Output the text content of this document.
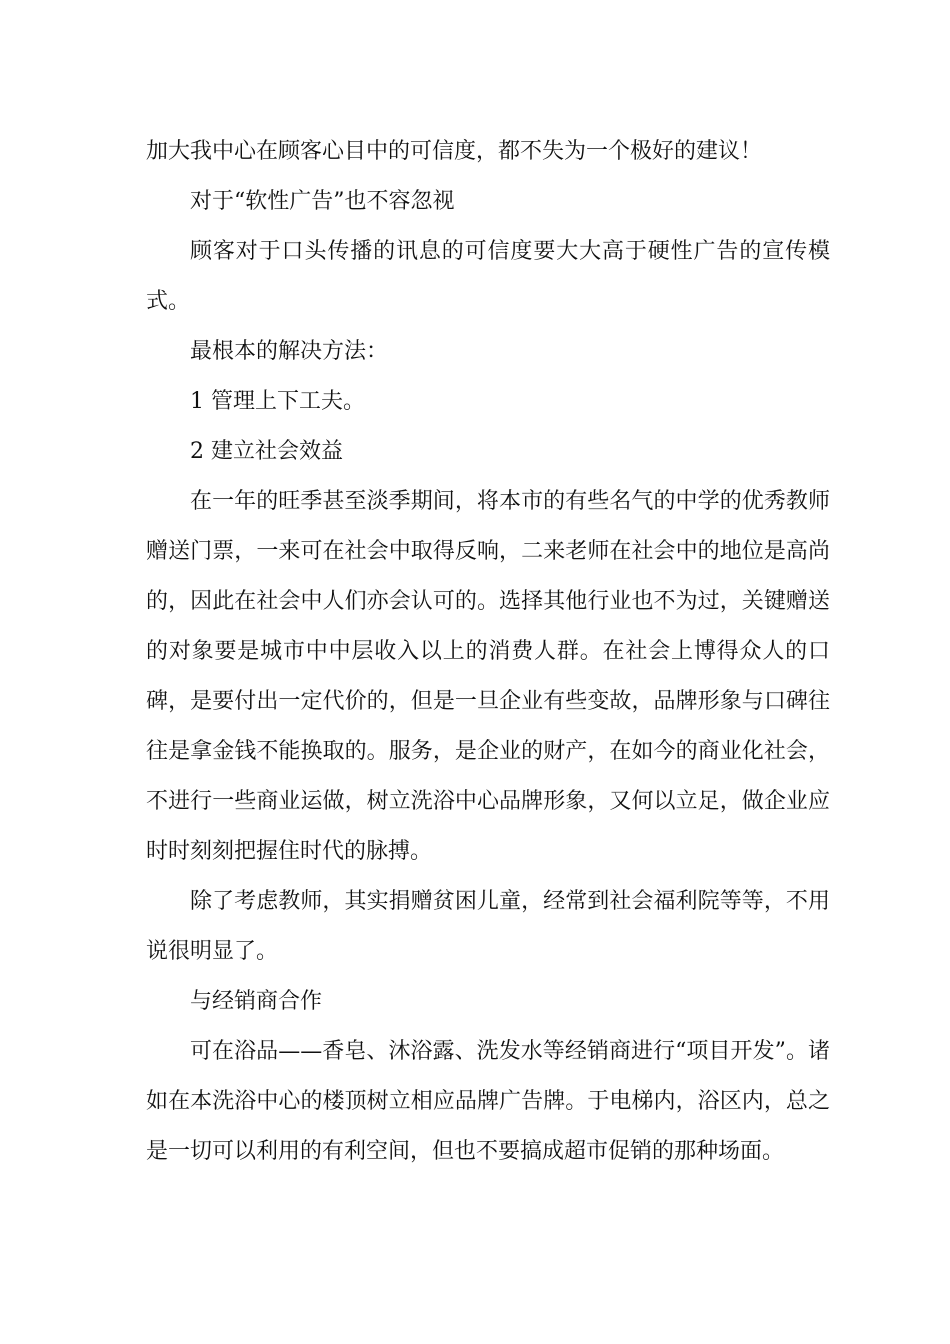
加大我中心在顾客心目中的可信度，都不失为一个极好的建议！

对于“软性广告”也不容忽视

顾客对于口头传播的讯息的可信度要大大高于硬性广告的宣传模式。

最根本的解决方法：

1 管理上下工夫。

2 建立社会效益

在一年的旺季甚至淡季期间，将本市的有些名气的中学的优秀教师赠送门票，一来可在社会中取得反响，二来老师在社会中的地位是高尚的，因此在社会中人们亦会认可的。选择其他行业也不为过，关键赠送的对象要是城市中中层收入以上的消费人群。在社会上博得众人的口碑，是要付出一定代价的，但是一旦企业有些变故，品牌形象与口碑往往是拿金钱不能换取的。服务，是企业的财产，在如今的商业化社会，不进行一些商业运做，树立洗浴中心品牌形象，又何以立足，做企业应时时刻刻把握住时代的脉搏。

除了考虑教师，其实捐赠贫困儿童，经常到社会福利院等等，不用说很明显了。

与经销商合作

可在浴品——香皂、沐浴露、洗发水等经销商进行“项目开发”。诸如在本洗浴中心的楼顶树立相应品牌广告牌。于电梯内，浴区内，总之是一切可以利用的有利空间，但也不要搞成超市促销的那种场面。
